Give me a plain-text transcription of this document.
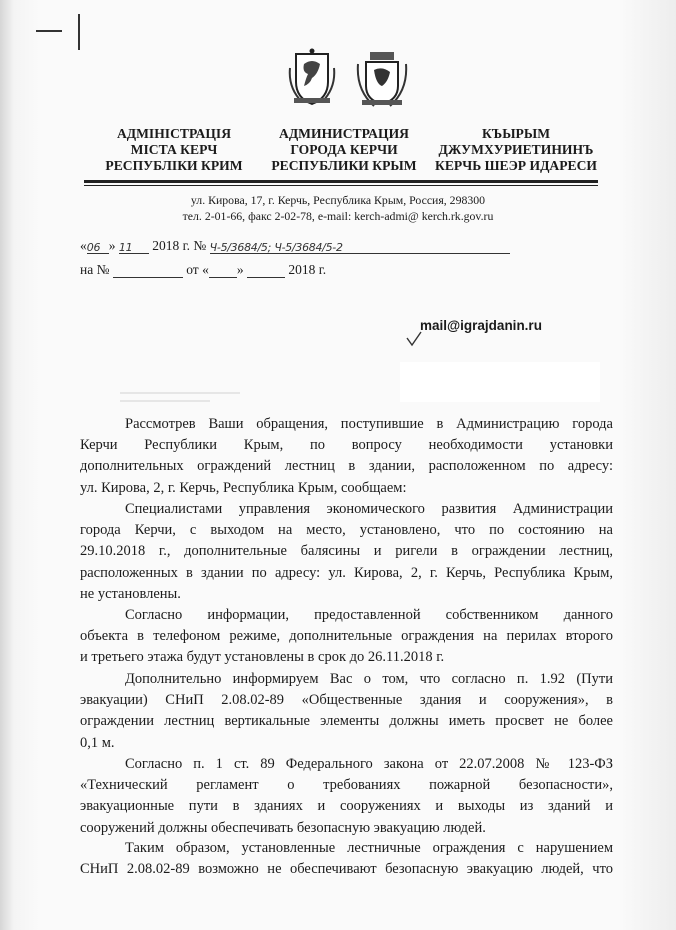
АДМІНІСТРАЦІЯ
МІСТА КЕРЧ
РЕСПУБЛІКИ КРИМ
АДМИНИСТРАЦИЯ
ГОРОДА КЕРЧИ
РЕСПУБЛИКИ КРЫМ
КЪЫРЫМ
ДЖУМХУРИЕТИНИНЪ
КЕРЧЬ ШЕЭР ИДАРЕСИ
ул. Кирова, 17, г. Керчь, Республика Крым, Россия, 298300
тел. 2-01-66, факс 2-02-78, e-mail: kerch-admi@ kerch.rk.gov.ru
«06 » 11 2018 г. № Ч-5/3684/5; Ч-5/3684/5-2
на №	от « »	2018 г.
mail@igrajdanin.ru
Рассмотрев Ваши обращения, поступившие в Администрацию города
Керчи Республики Крым, по вопросу необходимости установки
дополнительных ограждений лестниц в здании, расположенном по адресу:
ул. Кирова, 2, г. Керчь, Республика Крым, сообщаем:
Специалистами управления экономического развития Администрации
города Керчи, с выходом на место, установлено, что по состоянию на
29.10.2018 г., дополнительные балясины и ригели в ограждении лестниц,
расположенных в здании по адресу: ул. Кирова, 2, г. Керчь, Республика Крым,
не установлены.
Согласно информации, предоставленной собственником данного
объекта в телефоном режиме, дополнительные ограждения на перилах второго
и третьего этажа будут установлены в срок до 26.11.2018 г.
Дополнительно информируем Вас о том, что согласно п. 1.92 (Пути
эвакуации) СНиП 2.08.02-89 «Общественные здания и сооружения», в
ограждении лестниц вертикальные элементы должны иметь просвет не более
0,1 м.
Согласно п. 1 ст. 89 Федерального закона от 22.07.2008 № 123-ФЗ
«Технический регламент о требованиях пожарной безопасности»,
эвакуационные пути в зданиях и сооружениях и выходы из зданий и
сооружений должны обеспечивать безопасную эвакуацию людей.
Таким образом, установленные лестничные ограждения с нарушением
СНиП 2.08.02-89 возможно не обеспечивают безопасную эвакуацию людей, что
